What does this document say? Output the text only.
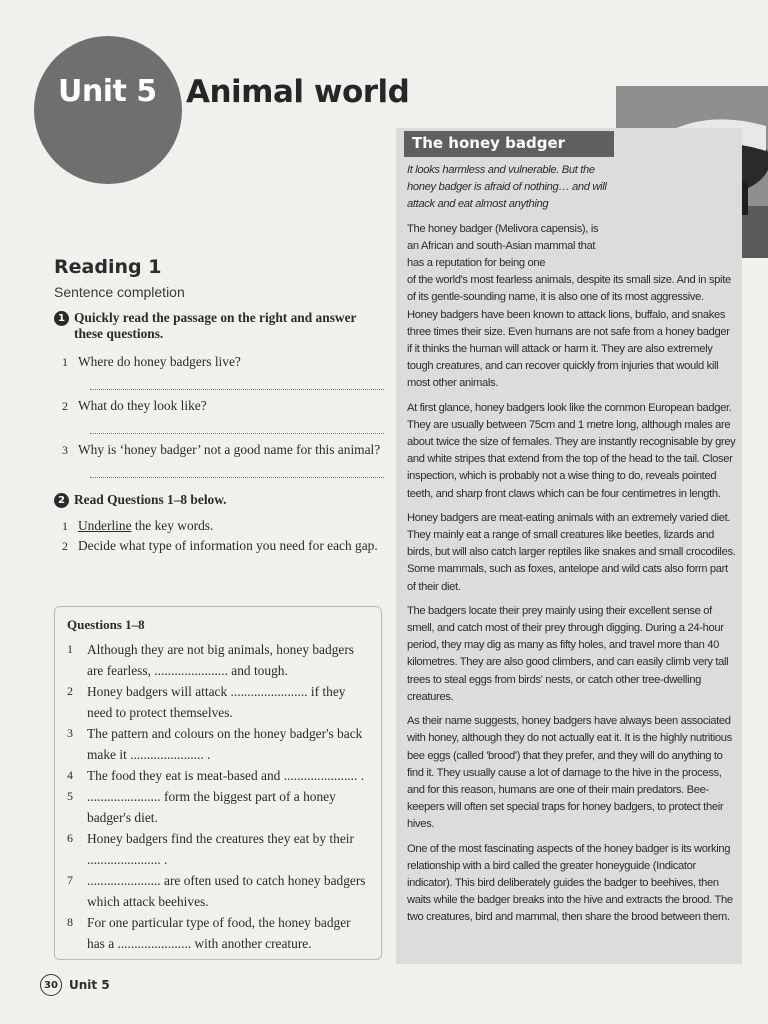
Unit 5 Animal world
The honey badger

It looks harmless and vulnerable. But the honey badger is afraid of nothing… and will attack and eat almost anything

The honey badger (Melivora capensis), is an African and south-Asian mammal that has a reputation for being one
of the world's most fearless animals, despite its small size. And in spite of its gentle-sounding name, it is also one of its most aggressive. Honey badgers have been known to attack lions, buffalo, and snakes three times their size. Even humans are not safe from a honey badger if it thinks the human will attack or harm it. They are also extremely tough creatures, and can recover quickly from injuries that would kill most other animals.

At first glance, honey badgers look like the common European badger. They are usually between 75cm and 1 metre long, although males are about twice the size of females. They are instantly recognisable by grey and white stripes that extend from the top of the head to the tail. Closer inspection, which is probably not a wise thing to do, reveals pointed teeth, and sharp front claws which can be four centimetres in length.

Honey badgers are meat-eating animals with an extremely varied diet. They mainly eat a range of small creatures like beetles, lizards and birds, but will also catch larger reptiles like snakes and small crocodiles. Some mammals, such as foxes, antelope and wild cats also form part of their diet.

The badgers locate their prey mainly using their excellent sense of smell, and catch most of their prey through digging. During a 24-hour period, they may dig as many as fifty holes, and travel more than 40 kilometres. They are also good climbers, and can easily climb very tall trees to steal eggs from birds' nests, or catch other tree-dwelling creatures.

As their name suggests, honey badgers have always been associated with honey, although they do not actually eat it. It is the highly nutritious bee eggs (called 'brood') that they prefer, and they will do anything to find it. They usually cause a lot of damage to the hive in the process, and for this reason, humans are one of their main predators. Bee-keepers will often set special traps for honey badgers, to protect their hives.

One of the most fascinating aspects of the honey badger is its working relationship with a bird called the greater honeyguide (Indicator indicator). This bird deliberately guides the badger to beehives, then waits while the badger breaks into the hive and extracts the brood. The two creatures, bird and mammal, then share the brood between them.

Reading 1
Sentence completion
1 Quickly read the passage on the right and answer these questions.
1 Where do honey badgers live?
2 What do they look like?
3 Why is ‘honey badger’ not a good name for this animal?
2 Read Questions 1–8 below.
1 Underline the key words.
2 Decide what type of information you need for each gap.
Questions 1–8
1 Although they are not big animals, honey badgers are fearless, ...................... and tough.
2 Honey badgers will attack ....................... if they need to protect themselves.
3 The pattern and colours on the honey badger's back make it ...................... .
4 The food they eat is meat-based and ...................... .
5 ...................... form the biggest part of a honey badger's diet.
6 Honey badgers find the creatures they eat by their ...................... .
7 ...................... are often used to catch honey badgers which attack beehives.
8 For one particular type of food, the honey badger has a ...................... with another creature.
30 Unit 5
